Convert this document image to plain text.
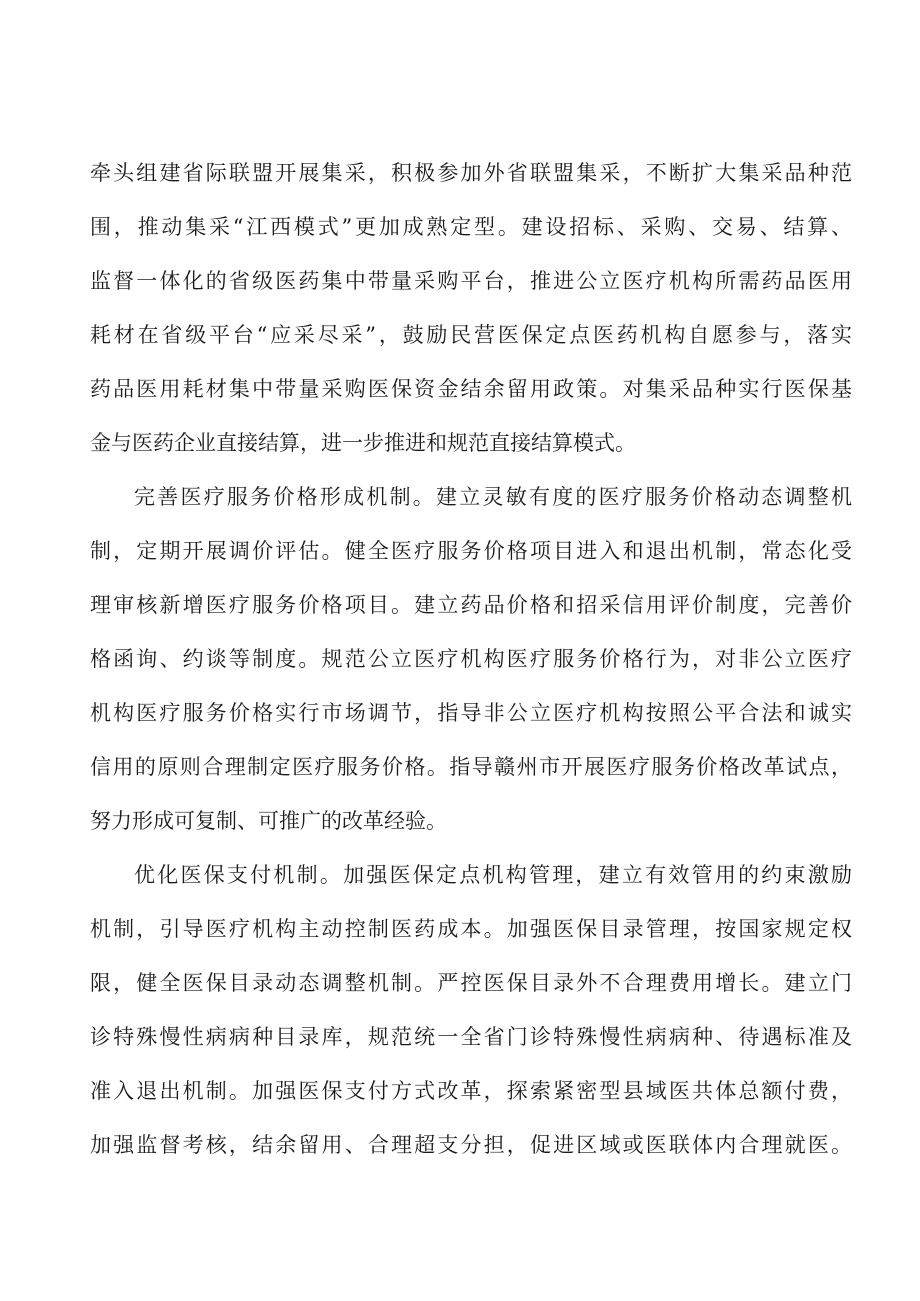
牵头组建省际联盟开展集采，积极参加外省联盟集采，不断扩大集采品种范
围，推动集采“江西模式”更加成熟定型。建设招标、采购、交易、结算、
监督一体化的省级医药集中带量采购平台，推进公立医疗机构所需药品医用
耗材在省级平台“应采尽采”，鼓励民营医保定点医药机构自愿参与，落实
药品医用耗材集中带量采购医保资金结余留用政策。对集采品种实行医保基
金与医药企业直接结算，进一步推进和规范直接结算模式。
完善医疗服务价格形成机制。建立灵敏有度的医疗服务价格动态调整机
制，定期开展调价评估。健全医疗服务价格项目进入和退出机制，常态化受
理审核新增医疗服务价格项目。建立药品价格和招采信用评价制度，完善价
格函询、约谈等制度。规范公立医疗机构医疗服务价格行为，对非公立医疗
机构医疗服务价格实行市场调节，指导非公立医疗机构按照公平合法和诚实
信用的原则合理制定医疗服务价格。指导赣州市开展医疗服务价格改革试点，
努力形成可复制、可推广的改革经验。
优化医保支付机制。加强医保定点机构管理，建立有效管用的约束激励
机制，引导医疗机构主动控制医药成本。加强医保目录管理，按国家规定权
限，健全医保目录动态调整机制。严控医保目录外不合理费用增长。建立门
诊特殊慢性病病种目录库，规范统一全省门诊特殊慢性病病种、待遇标准及
准入退出机制。加强医保支付方式改革，探索紧密型县域医共体总额付费，
加强监督考核，结余留用、合理超支分担，促进区域或医联体内合理就医。
